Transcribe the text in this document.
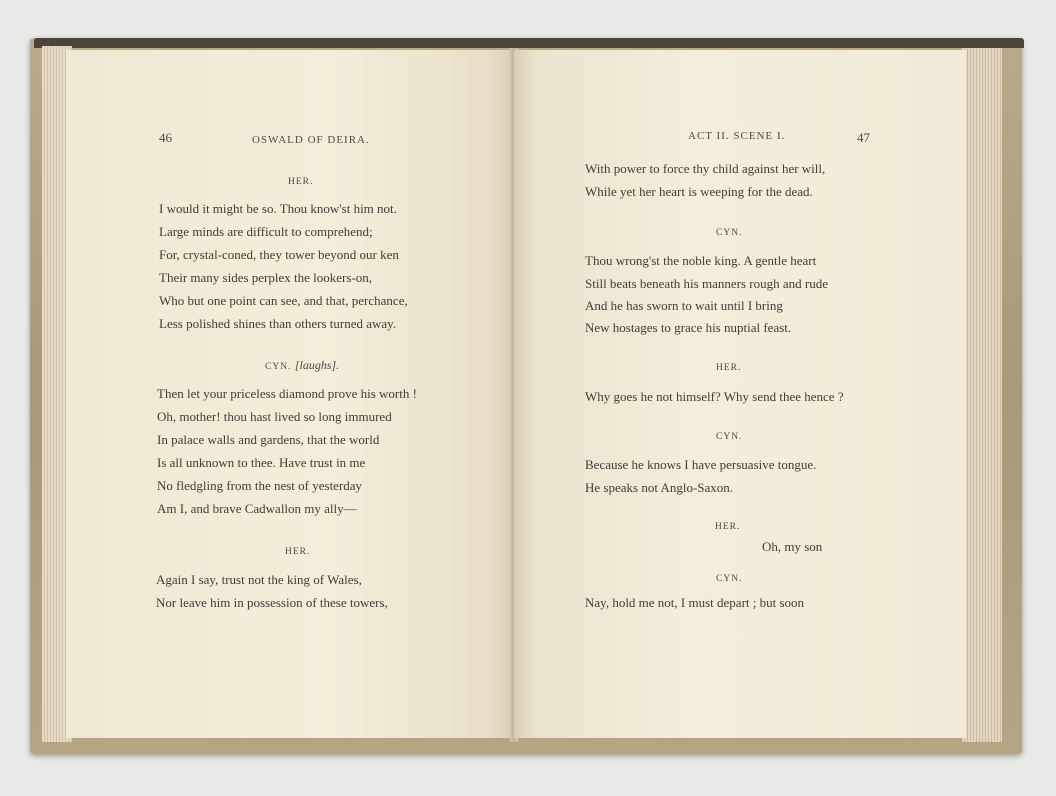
46	OSWALD OF DEIRA.
HER.
I would it might be so. Thou know'st him not.
Large minds are difficult to comprehend;
For, crystal-coned, they tower beyond our ken
Their many sides perplex the lookers-on,
Who but one point can see, and that, perchance,
Less polished shines than others turned away.
CYN. [laughs].
Then let your priceless diamond prove his worth !
Oh, mother! thou hast lived so long immured
In palace walls and gardens, that the world
Is all unknown to thee. Have trust in me
No fledgling from the nest of yesterday
Am I, and brave Cadwallon my ally—
HER.
Again I say, trust not the king of Wales,
Nor leave him in possession of these towers,
ACT II. SCENE I.	47
With power to force thy child against her will,
While yet her heart is weeping for the dead.
CYN.
Thou wrong'st the noble king. A gentle heart
Still beats beneath his manners rough and rude
And he has sworn to wait until I bring
New hostages to grace his nuptial feast.
HER.
Why goes he not himself? Why send thee hence ?
CYN.
Because he knows I have persuasive tongue.
He speaks not Anglo-Saxon.
HER.
Oh, my son
CYN.
Nay, hold me not, I must depart ; but soon
